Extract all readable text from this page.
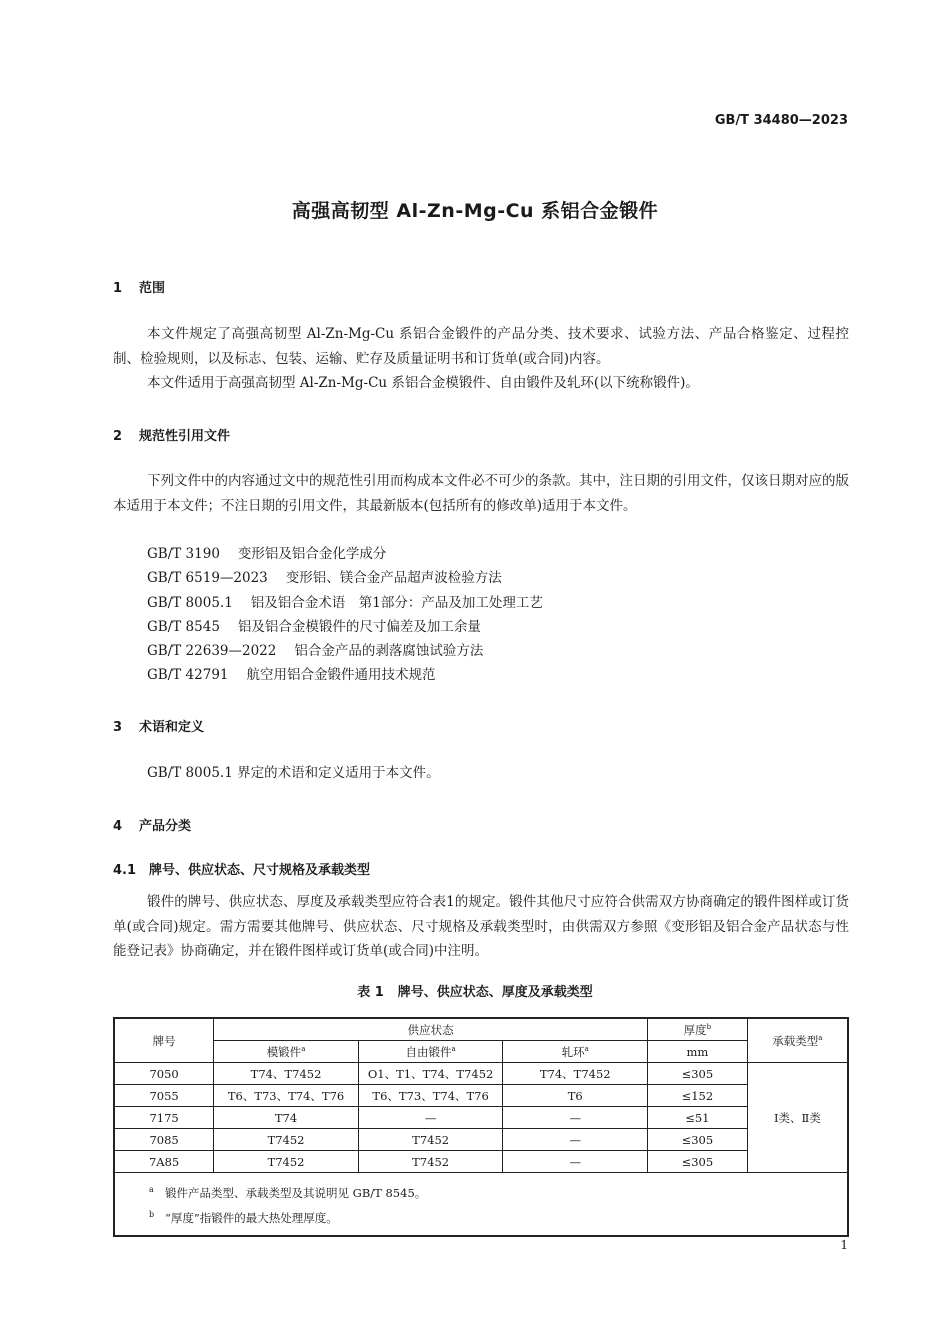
GB/T 34480—2023
高强高韧型 Al-Zn-Mg-Cu 系铝合金锻件
1 范围

本文件规定了高强高韧型 Al-Zn-Mg-Cu 系铝合金锻件的产品分类、技术要求、试验方法、产品合格鉴定、过程控制、检验规则，以及标志、包装、运输、贮存及质量证明书和订货单(或合同)内容。

本文件适用于高强高韧型 Al-Zn-Mg-Cu 系铝合金模锻件、自由锻件及轧环(以下统称锻件)。

2 规范性引用文件

下列文件中的内容通过文中的规范性引用而构成本文件必不可少的条款。其中，注日期的引用文件，仅该日期对应的版本适用于本文件；不注日期的引用文件，其最新版本(包括所有的修改单)适用于本文件。

GB/T 3190 变形铝及铝合金化学成分
GB/T 6519—2023 变形铝、镁合金产品超声波检验方法
GB/T 8005.1 铝及铝合金术语　第1部分：产品及加工处理工艺
GB/T 8545 铝及铝合金模锻件的尺寸偏差及加工余量
GB/T 22639—2022 铝合金产品的剥落腐蚀试验方法
GB/T 42791 航空用铝合金锻件通用技术规范
3 术语和定义

GB/T 8005.1 界定的术语和定义适用于本文件。

4 产品分类
4.1 牌号、供应状态、尺寸规格及承载类型

锻件的牌号、供应状态、厚度及承载类型应符合表1的规定。锻件其他尺寸应符合供需双方协商确定的锻件图样或订货单(或合同)规定。需方需要其他牌号、供应状态、尺寸规格及承载类型时，由供需双方参照《变形铝及铝合金产品状态与性能登记表》协商确定，并在锻件图样或订货单(或合同)中注明。

表 1 牌号、供应状态、厚度及承载类型
牌号	供应状态			厚度$^b$	承载类型$^a$
	模锻件$^a$	自由锻件$^a$	轧环$^a$	mm	
7050	T74、T7452	O1、T1、T74、T7452	T74、T7452	≤305	Ⅰ类、Ⅱ类
7055	T6、T73、T74、T76	T6、T73、T74、T76	T6	≤152	
7175	T74	—	—	≤51	
7085	T7452	T7452	—	≤305	
7A85	T7452	T7452	—	≤305	

a 锻件产品类型、承载类型及其说明见 GB/T 8545。
b “厚度”指锻件的最大热处理厚度。					
1
